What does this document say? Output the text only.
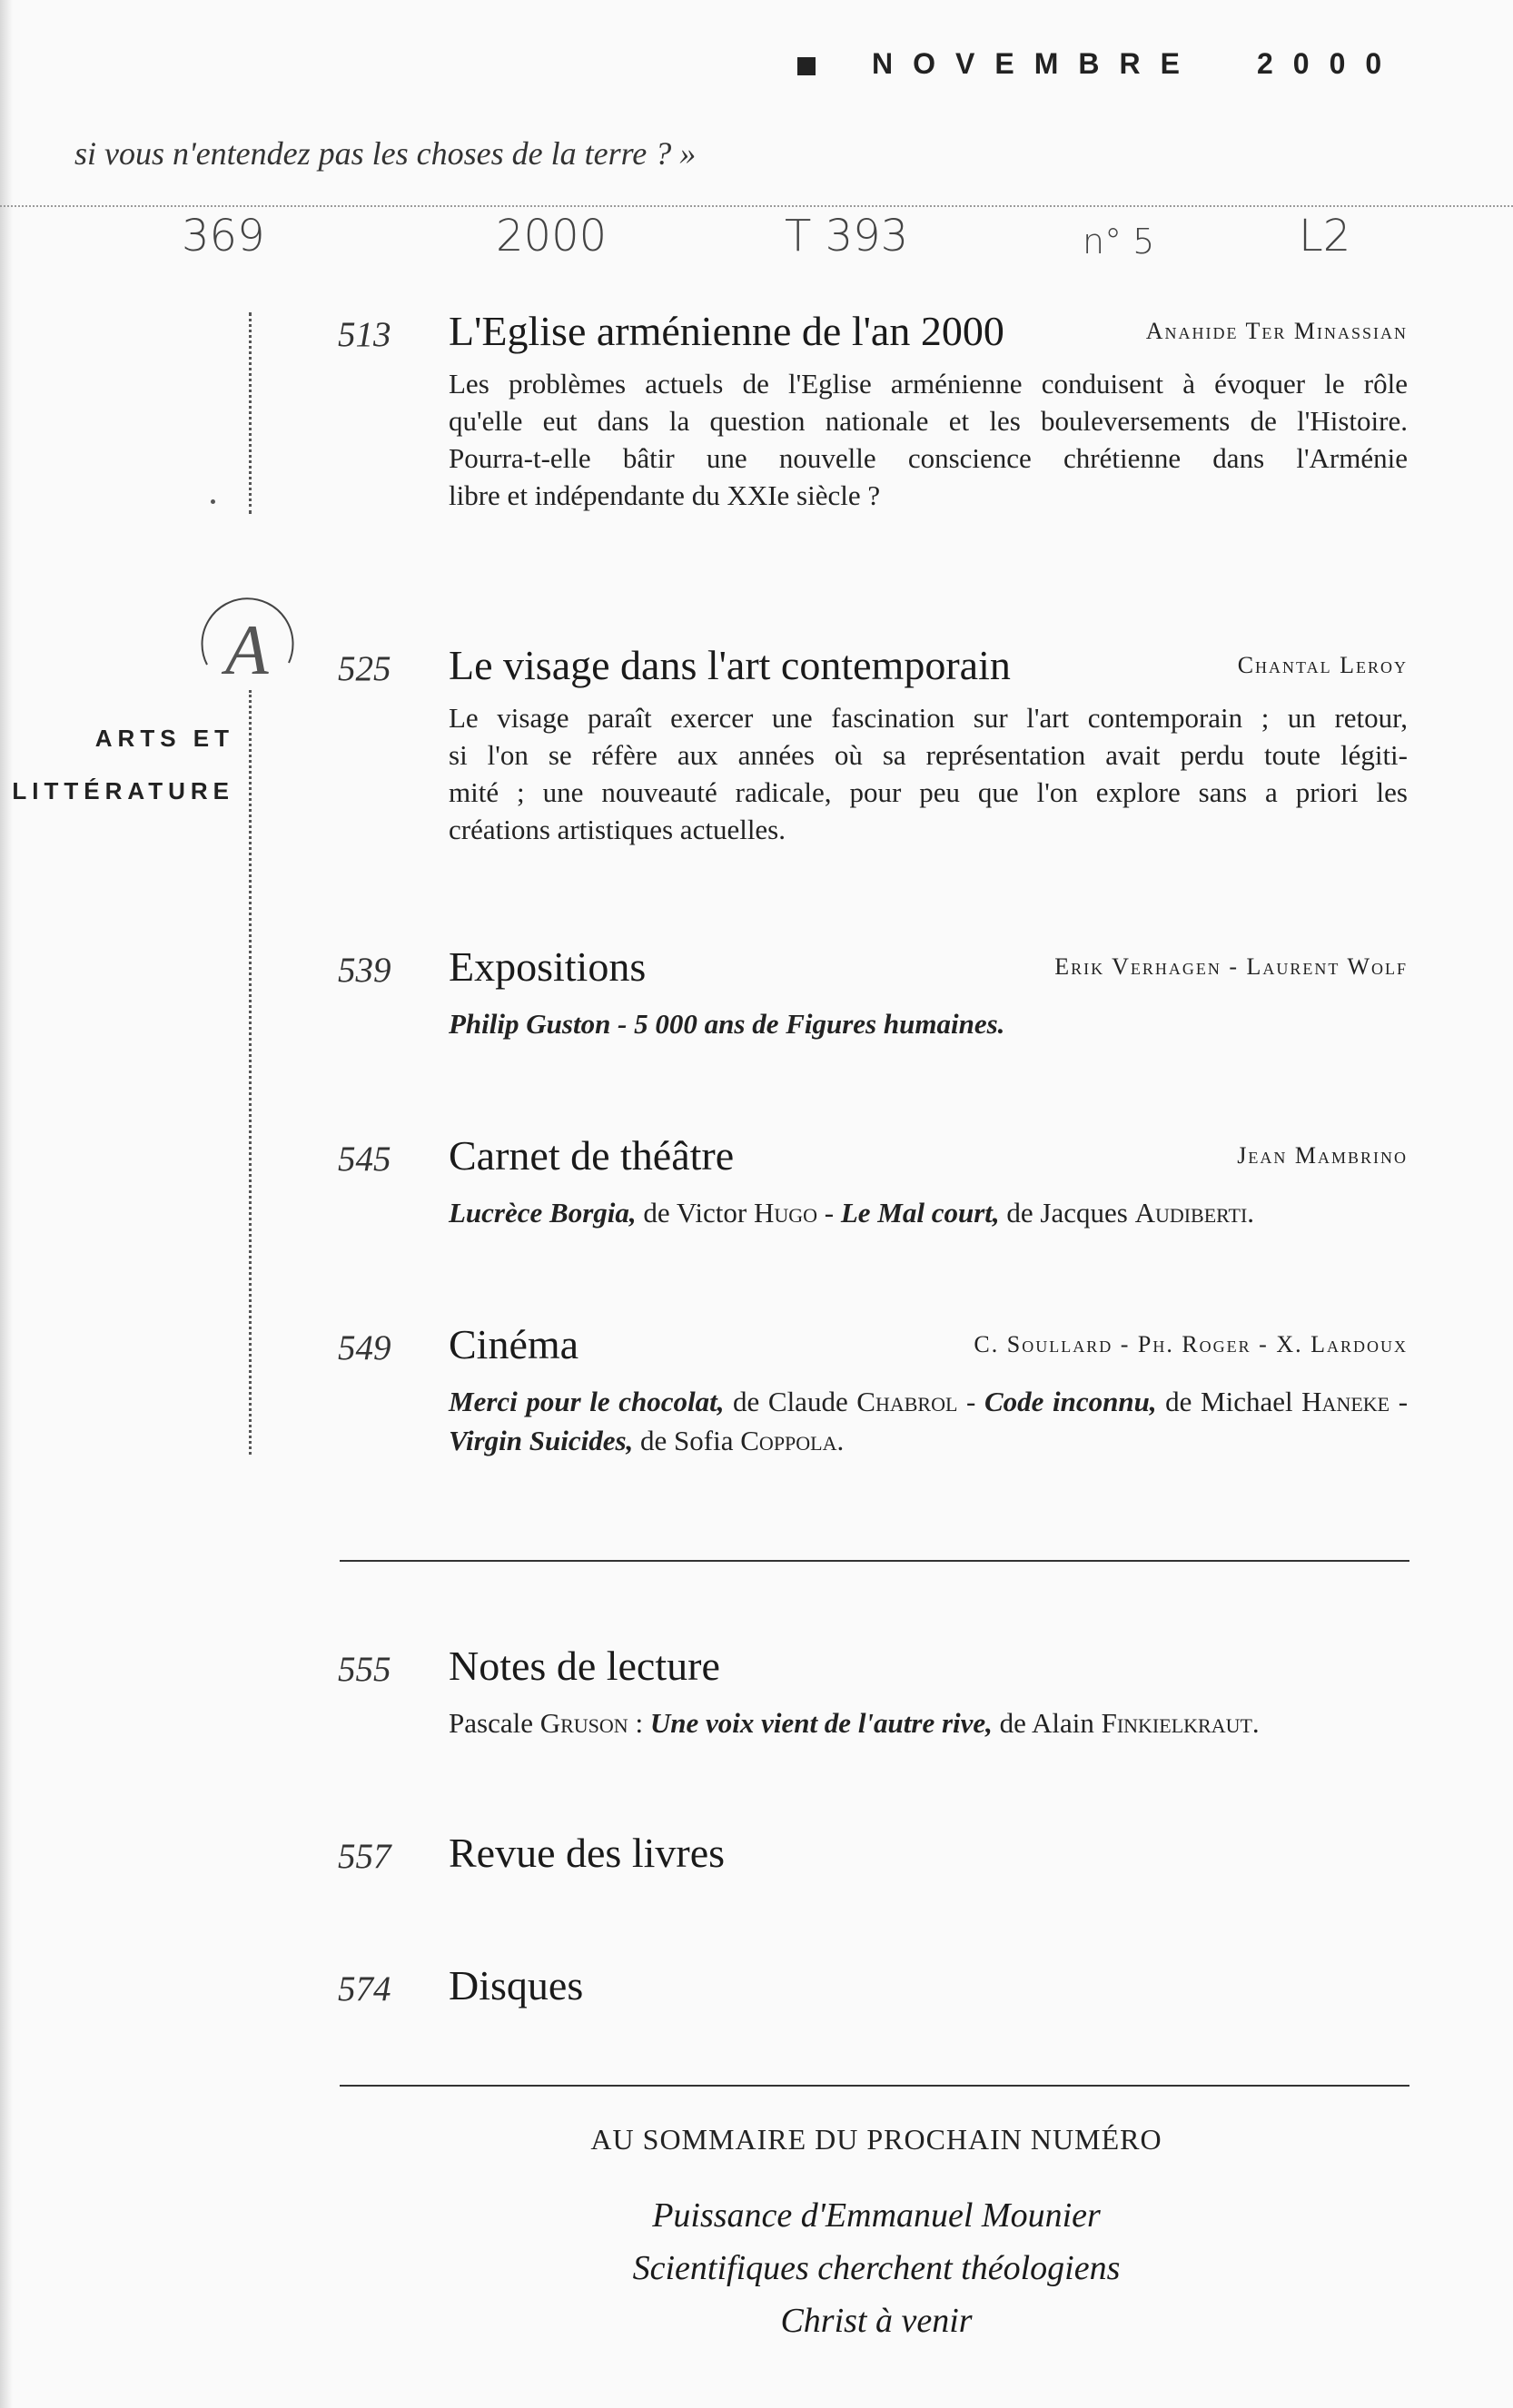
NOVEMBRE 2000
si vous n'entendez pas les choses de la terre ? »
369	2000	T 393	n° 5	L2
A
ARTS ET
LITTÉRATURE
513 L'Eglise arménienne de l'an 2000	Anahide Ter Minassian
Les problèmes actuels de l'Eglise arménienne conduisent à évoquer le rôle
qu'elle eut dans la question nationale et les bouleversements de l'Histoire.
Pourra-t-elle bâtir une nouvelle conscience chrétienne dans l'Arménie
libre et indépendante du XXIe siècle ?
525 Le visage dans l'art contemporain	Chantal Leroy
Le visage paraît exercer une fascination sur l'art contemporain ; un retour,
si l'on se réfère aux années où sa représentation avait perdu toute légiti-
mité ; une nouveauté radicale, pour peu que l'on explore sans a priori les
créations artistiques actuelles.
539 Expositions	Erik Verhagen - Laurent Wolf
Philip Guston - 5 000 ans de Figures humaines.
545 Carnet de théâtre	Jean Mambrino
Lucrèce Borgia, de Victor Hugo - Le Mal court, de Jacques Audiberti.
549 Cinéma	C. Soullard - Ph. Roger - X. Lardoux
Merci pour le chocolat, de Claude Chabrol - Code inconnu, de Michael Haneke - Virgin Suicides, de Sofia Coppola.
555 Notes de lecture
Pascale Gruson : Une voix vient de l'autre rive, de Alain Finkielkraut.
557 Revue des livres
574 Disques
AU SOMMAIRE DU PROCHAIN NUMÉRO
Puissance d'Emmanuel Mounier
Scientifiques cherchent théologiens
Christ à venir
